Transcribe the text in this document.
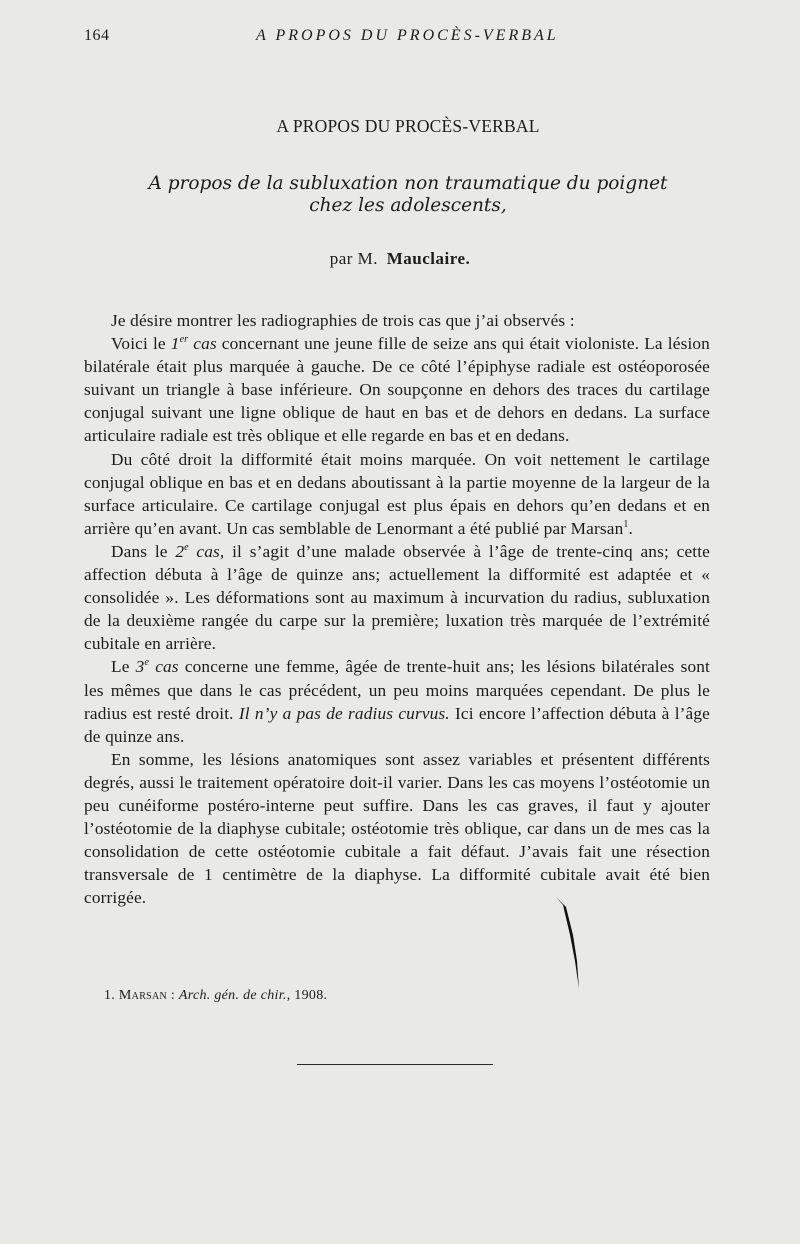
164	A PROPOS DU PROCÈS-VERBAL
A PROPOS DU PROCÈS-VERBAL
A propos de la subluxation non traumatique du poignet
chez les adolescents,
par M. Mauclaire.

Je désire montrer les radiographies de trois cas que j’ai observés :

Voici le 1er cas concernant une jeune fille de seize ans qui était violoniste. La lésion bilatérale était plus marquée à gauche. De ce côté l’épiphyse radiale est ostéoporosée suivant un triangle à base inférieure. On soupçonne en dehors des traces du cartilage conjugal suivant une ligne oblique de haut en bas et de dehors en dedans. La surface articulaire radiale est très oblique et elle regarde en bas et en dedans.

Du côté droit la difformité était moins marquée. On voit nettement le cartilage conjugal oblique en bas et en dedans aboutissant à la partie moyenne de la largeur de la surface articulaire. Ce cartilage conjugal est plus épais en dehors qu’en dedans et en arrière qu’en avant. Un cas semblable de Lenormant a été publié par Marsan$^1$.

Dans le 2e cas, il s’agit d’une malade observée à l’âge de trente-cinq ans; cette affection débuta à l’âge de quinze ans; actuellement la difformité est adaptée et « consolidée ». Les déformations sont au maximum à incurvation du radius, subluxation de la deuxième rangée du carpe sur la première; luxation très marquée de l’extrémité cubitale en arrière.

Le 3e cas concerne une femme, âgée de trente-huit ans; les lésions bilatérales sont les mêmes que dans le cas précédent, un peu moins marquées cependant. De plus le radius est resté droit. Il n’y a pas de radius curvus. Ici encore l’affection débuta à l’âge de quinze ans.

En somme, les lésions anatomiques sont assez variables et présentent différents degrés, aussi le traitement opératoire doit-il varier. Dans les cas moyens l’ostéotomie un peu cunéiforme postéro-interne peut suffire. Dans les cas graves, il faut y ajouter l’ostéotomie de la diaphyse cubitale; ostéotomie très oblique, car dans un de mes cas la consolidation de cette ostéotomie cubitale a fait défaut. J’avais fait une résection transversale de 1 centimètre de la diaphyse. La difformité cubitale avait été bien corrigée.

1. Marsan : Arch. gén. de chir., 1908.
